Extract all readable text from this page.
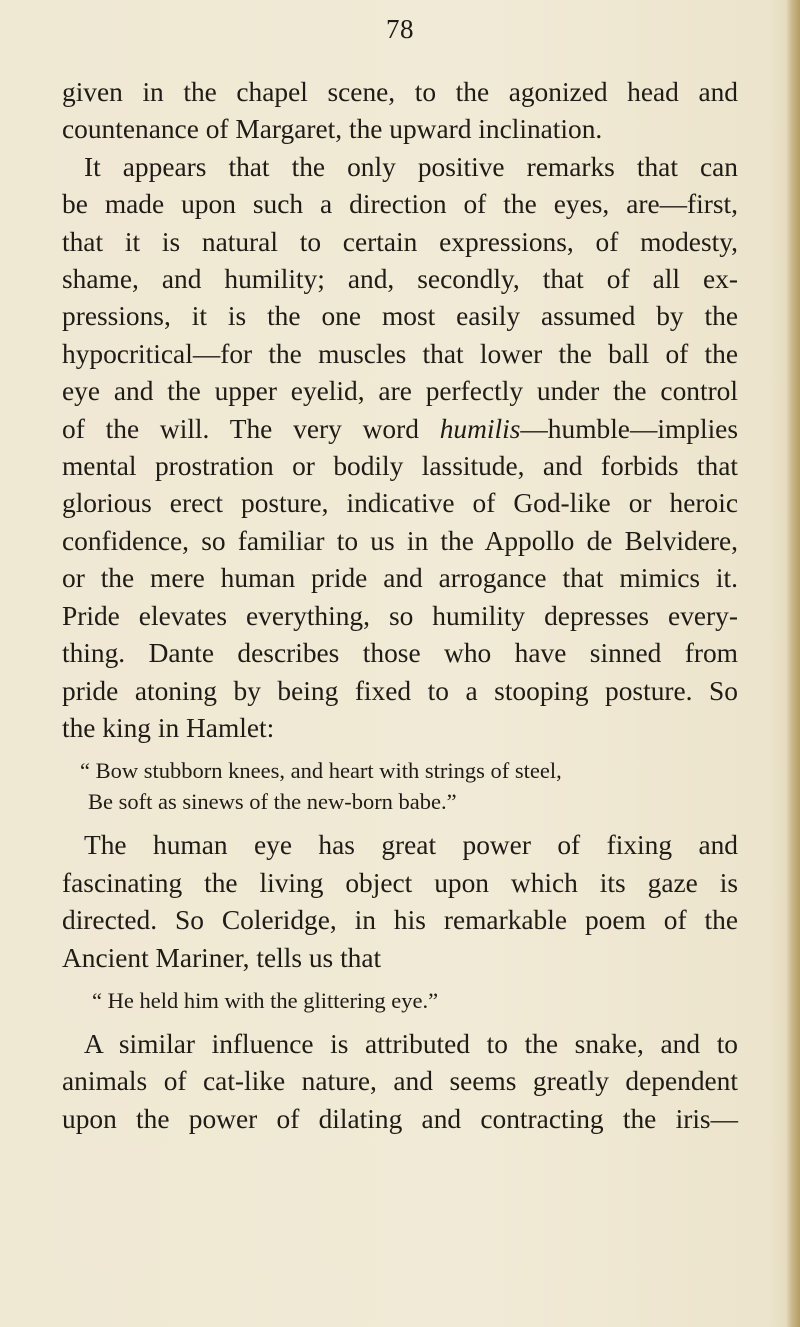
78
given in the chapel scene, to the agonized head and
countenance of Margaret, the upward inclination.
It appears that the only positive remarks that can
be made upon such a direction of the eyes, are—first,
that it is natural to certain expressions, of modesty,
shame, and humility; and, secondly, that of all ex-
pressions, it is the one most easily assumed by the
hypocritical—for the muscles that lower the ball of the
eye and the upper eyelid, are perfectly under the control
of the will. The very word humilis—humble—implies
mental prostration or bodily lassitude, and forbids that
glorious erect posture, indicative of God-like or heroic
confidence, so familiar to us in the Appollo de Belvidere,
or the mere human pride and arrogance that mimics it.
Pride elevates everything, so humility depresses every-
thing. Dante describes those who have sinned from
pride atoning by being fixed to a stooping posture. So
the king in Hamlet:
“ Bow stubborn knees, and heart with strings of steel,
Be soft as sinews of the new-born babe.”
The human eye has great power of fixing and
fascinating the living object upon which its gaze is
directed. So Coleridge, in his remarkable poem of the
Ancient Mariner, tells us that
“ He held him with the glittering eye.”
A similar influence is attributed to the snake, and to
animals of cat-like nature, and seems greatly dependent
upon the power of dilating and contracting the iris—
